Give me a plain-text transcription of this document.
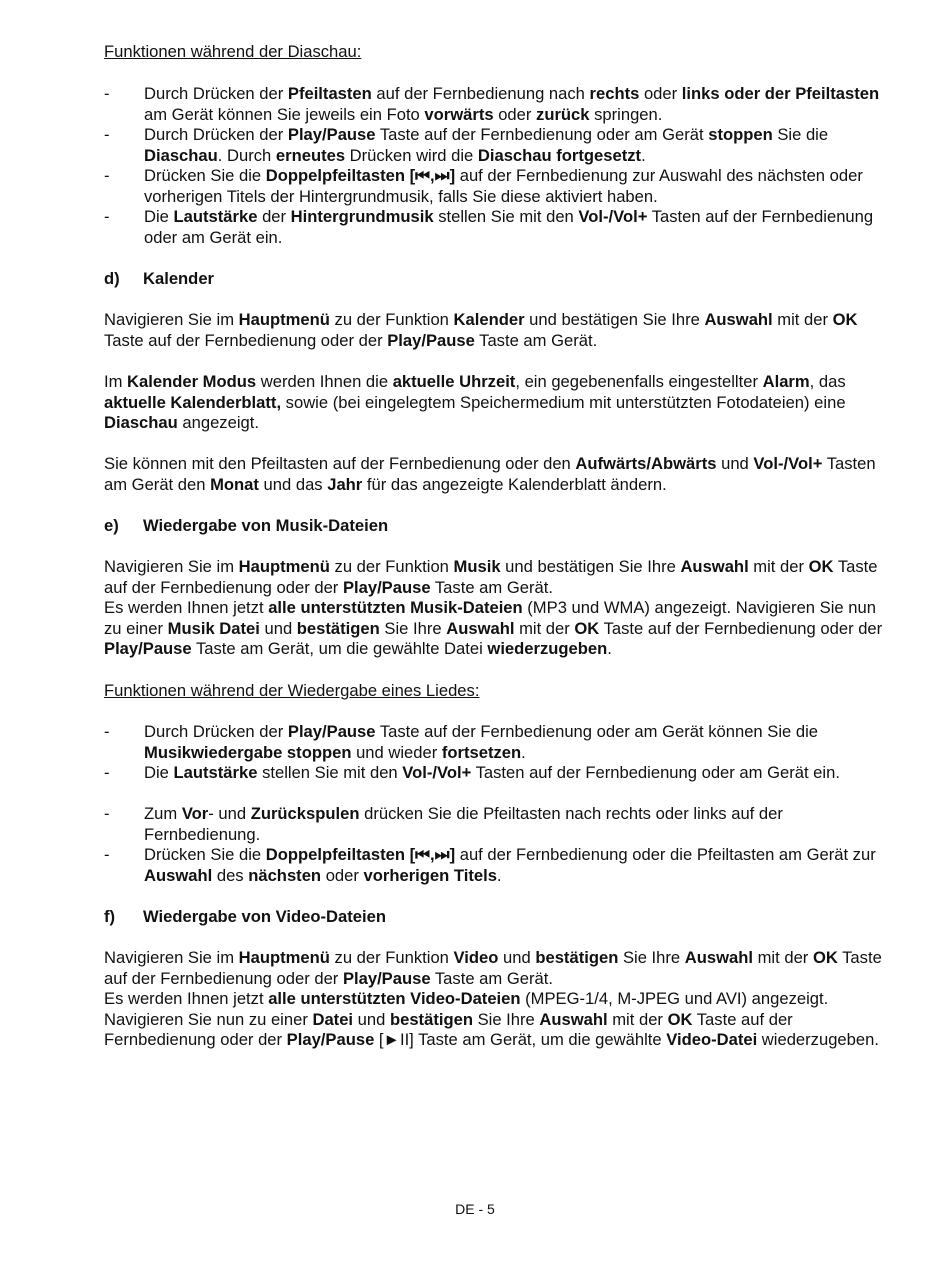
Funktionen während der Diaschau:
- Durch Drücken der Pfeiltasten auf der Fernbedienung nach rechts oder links oder der Pfeiltasten am Gerät können Sie jeweils ein Foto vorwärts oder zurück springen.
- Durch Drücken der Play/Pause Taste auf der Fernbedienung oder am Gerät stoppen Sie die Diaschau. Durch erneutes Drücken wird die Diaschau fortgesetzt.
- Drücken Sie die Doppelpfeiltasten [⏮,⏭] auf der Fernbedienung zur Auswahl des nächsten oder vorherigen Titels der Hintergrundmusik, falls Sie diese aktiviert haben.
- Die Lautstärke der Hintergrundmusik stellen Sie mit den Vol-/Vol+ Tasten auf der Fernbedienung oder am Gerät ein.
d) Kalender

Navigieren Sie im Hauptmenü zu der Funktion Kalender und bestätigen Sie Ihre Auswahl mit der OK Taste auf der Fernbedienung oder der Play/Pause Taste am Gerät.

Im Kalender Modus werden Ihnen die aktuelle Uhrzeit, ein gegebenenfalls eingestellter Alarm, das aktuelle Kalenderblatt, sowie (bei eingelegtem Speichermedium mit unterstützten Fotodateien) eine Diaschau angezeigt.

Sie können mit den Pfeiltasten auf der Fernbedienung oder den Aufwärts/Abwärts und Vol-/Vol+ Tasten am Gerät den Monat und das Jahr für das angezeigte Kalenderblatt ändern.

e) Wiedergabe von Musik-Dateien

Navigieren Sie im Hauptmenü zu der Funktion Musik und bestätigen Sie Ihre Auswahl mit der OK Taste auf der Fernbedienung oder der Play/Pause Taste am Gerät.

Es werden Ihnen jetzt alle unterstützten Musik-Dateien (MP3 und WMA) angezeigt. Navigieren Sie nun zu einer Musik Datei und bestätigen Sie Ihre Auswahl mit der OK Taste auf der Fernbedienung oder der Play/Pause Taste am Gerät, um die gewählte Datei wiederzugeben.

Funktionen während der Wiedergabe eines Liedes:
- Durch Drücken der Play/Pause Taste auf der Fernbedienung oder am Gerät können Sie die Musikwiedergabe stoppen und wieder fortsetzen.
- Die Lautstärke stellen Sie mit den Vol-/Vol+ Tasten auf der Fernbedienung oder am Gerät ein.
- Zum Vor- und Zurückspulen drücken Sie die Pfeiltasten nach rechts oder links auf der Fernbedienung.
- Drücken Sie die Doppelpfeiltasten [⏮,⏭] auf der Fernbedienung oder die Pfeiltasten am Gerät zur Auswahl des nächsten oder vorherigen Titels.
f) Wiedergabe von Video-Dateien

Navigieren Sie im Hauptmenü zu der Funktion Video und bestätigen Sie Ihre Auswahl mit der OK Taste auf der Fernbedienung oder der Play/Pause Taste am Gerät.

Es werden Ihnen jetzt alle unterstützten Video-Dateien (MPEG-1/4, M-JPEG und AVI) angezeigt. Navigieren Sie nun zu einer Datei und bestätigen Sie Ihre Auswahl mit der OK Taste auf der Fernbedienung oder der Play/Pause [►II] Taste am Gerät, um die gewählte Video-Datei wiederzugeben.

DE - 5
